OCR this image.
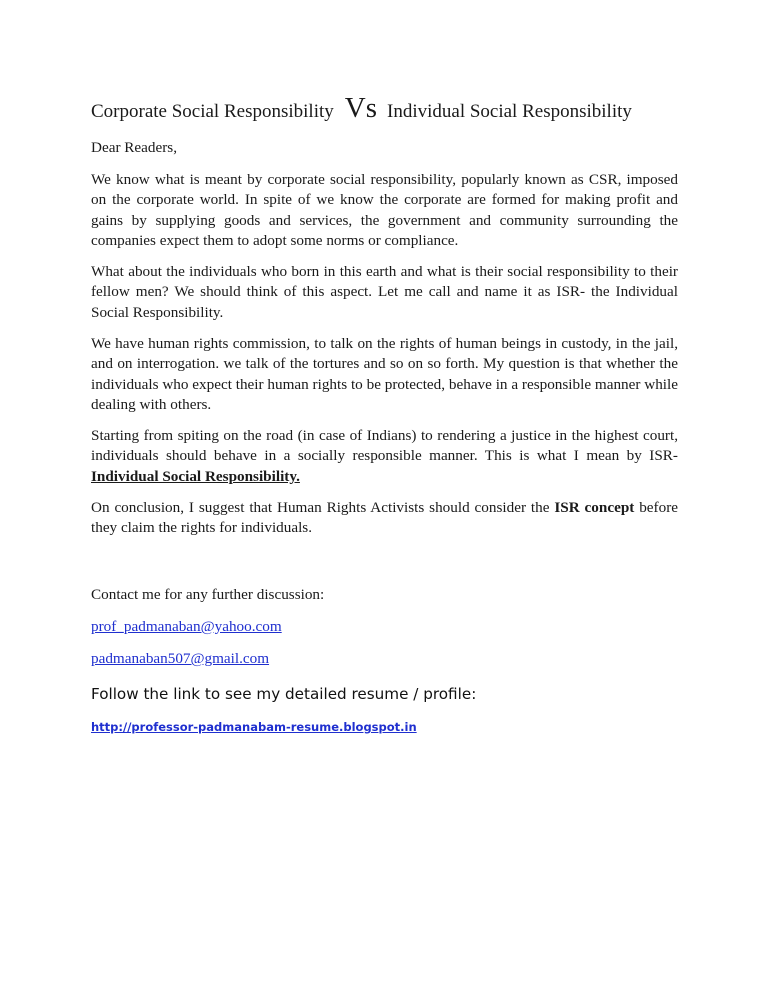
Corporate Social Responsibility Vs Individual Social Responsibility
Dear Readers,

We know what is meant by corporate social responsibility, popularly known as CSR, imposed on the corporate world. In spite of we know the corporate are formed for making profit and gains by supplying goods and services, the government and community surrounding the companies expect them to adopt some norms or compliance.

What about the individuals who born in this earth and what is their social responsibility to their fellow men? We should think of this aspect. Let me call and name it as ISR- the Individual Social Responsibility.

We have human rights commission, to talk on the rights of human beings in custody, in the jail, and on interrogation. we talk of the tortures and so on so forth. My question is that whether the individuals who expect their human rights to be protected, behave in a responsible manner while dealing with others.

Starting from spiting on the road (in case of Indians) to rendering a justice in the highest court, individuals should behave in a socially responsible manner. This is what I mean by ISR- Individual Social Responsibility.

On conclusion, I suggest that Human Rights Activists should consider the ISR concept before they claim the rights for individuals.

Contact me for any further discussion:
prof_padmanaban@yahoo.com
padmanaban507@gmail.com
Follow the link to see my detailed resume / profile:
http://professor-padmanabam-resume.blogspot.in
